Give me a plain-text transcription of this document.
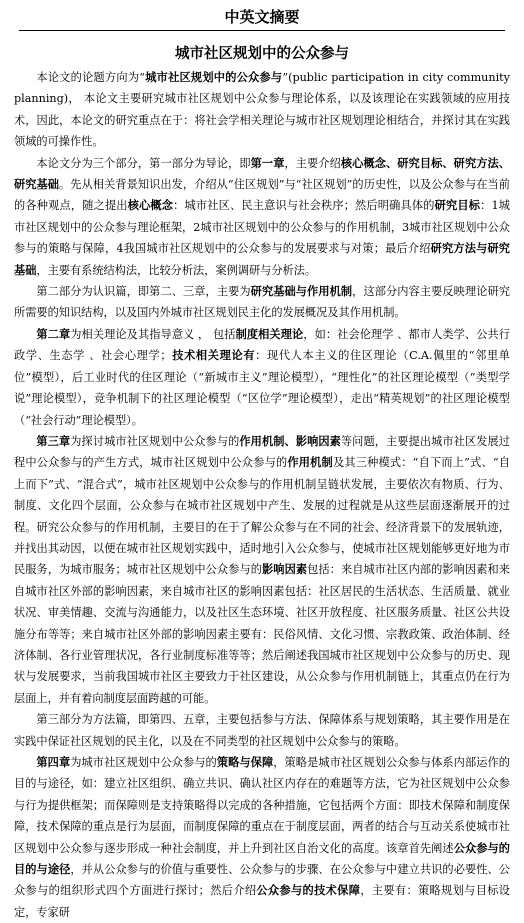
中英文摘要
城市社区规划中的公众参与

本论文的论题方向为“城市社区规划中的公众参与”(public participation in city community planning)， 本论文主要研究城市社区规划中公众参与理论体系，以及该理论在实践领域的应用技术，因此，本论文的研究重点在于：将社会学相关理论与城市社区规划理论相结合，并探讨其在实践领域的可操作性。

本论文分为三个部分，第一部分为导论，即第一章，主要介绍核心概念、研究目标、研究方法、研究基础。先从相关背景知识出发，介绍从“住区规划”与“社区规划”的历史性，以及公众参与在当前的各种观点，随之提出核心概念：城市社区、民主意识与社会秩序；然后明确具体的研究目标：1城市社区规划中的公众参与理论框架，2城市社区规划中的公众参与的作用机制，3城市社区规划中公众参与的策略与保障，4我国城市社区规划中的公众参与的发展要求与对策；最后介绍研究方法与研究基础，主要有系统结构法，比较分析法，案例调研与分析法。

第二部分为认识篇，即第二、三章，主要为研究基础与作用机制，这部分内容主要反映理论研究所需要的知识结构，以及国内外城市社区规划民主化的发展概况及其作用机制。

第二章为相关理论及其指导意义 ， 包括制度相关理论，如：社会伦理学 、都市人类学、公共行政学、生态学 、社会心理学；技术相关理论有：现代人本主义的住区理论（C.A.佩里的“邻里单位”模型），后工业时代的住区理论（“新城市主义”理论模型），“理性化”的社区理论模型（“类型学说”理论模型），竞争机制下的社区理论模型（“区位学”理论模型），走出“精英规划”的社区理论模型（“社会行动”理论模型）。

第三章为探讨城市社区规划中公众参与的作用机制、影响因素等问题，主要提出城市社区发展过程中公众参与的产生方式，城市社区规划中公众参与的作用机制及其三种模式：“自下而上”式、“自上而下”式、“混合式”，城市社区规划中公众参与的作用机制呈链状发展，主要依次有物质、行为、制度、文化四个层面，公众参与在城市社区规划中产生、发展的过程就是从这些层面逐渐展开的过程。研究公众参与的作用机制，主要目的在于了解公众参与在不同的社会、经济背景下的发展轨迹，并找出其动因，以便在城市社区规划实践中，适时地引入公众参与，使城市社区规划能够更好地为市民服务，为城市服务；城市社区规划中公众参与的影响因素包括：来自城市社区内部的影响因素和来自城市社区外部的影响因素，来自城市社区的影响因素包括：社区居民的生活状态、生活质量、就业状况、审美情趣、交流与沟通能力，以及社区生态环境、社区开放程度、社区服务质量、社区公共设施分布等等；来自城市社区外部的影响因素主要有：民俗风情、文化习惯、宗教政策、政治体制、经济体制、各行业管理状况，各行业制度标准等等；然后阐述我国城市社区规划中公众参与的历史、现状与发展要求，当前我国城市社区主要致力于社区建设，从公众参与作用机制链上，其重点仍在行为层面上，并有着向制度层面跨越的可能。

第三部分为方法篇，即第四、五章，主要包括参与方法、保障体系与规划策略，其主要作用是在实践中保证社区规划的民主化，以及在不同类型的社区规划中公众参与的策略。

第四章为城市社区规划中公众参与的策略与保障，策略是城市社区规划公众参与体系内部运作的目的与途径，如：建立社区组织、确立共识、确认社区内存在的难题等方法，它为社区规划中公众参与行为提供框架；而保障则是支持策略得以完成的各种措施，它包括两个方面：即技术保障和制度保障，技术保障的重点是行为层面，而制度保障的重点在于制度层面，两者的结合与互动关系使城市社区规划中公众参与逐步形成一种社会制度，并上升到社区自治文化的高度。该章首先阐述公众参与的目的与途径，并从公众参与的价值与重要性、公众参与的步骤、在公众参与中建立共识的必要性、公众参与的组织形式四个方面进行探讨；然后介绍公众参与的技术保障，主要有：策略规划与目标设定，专家研
